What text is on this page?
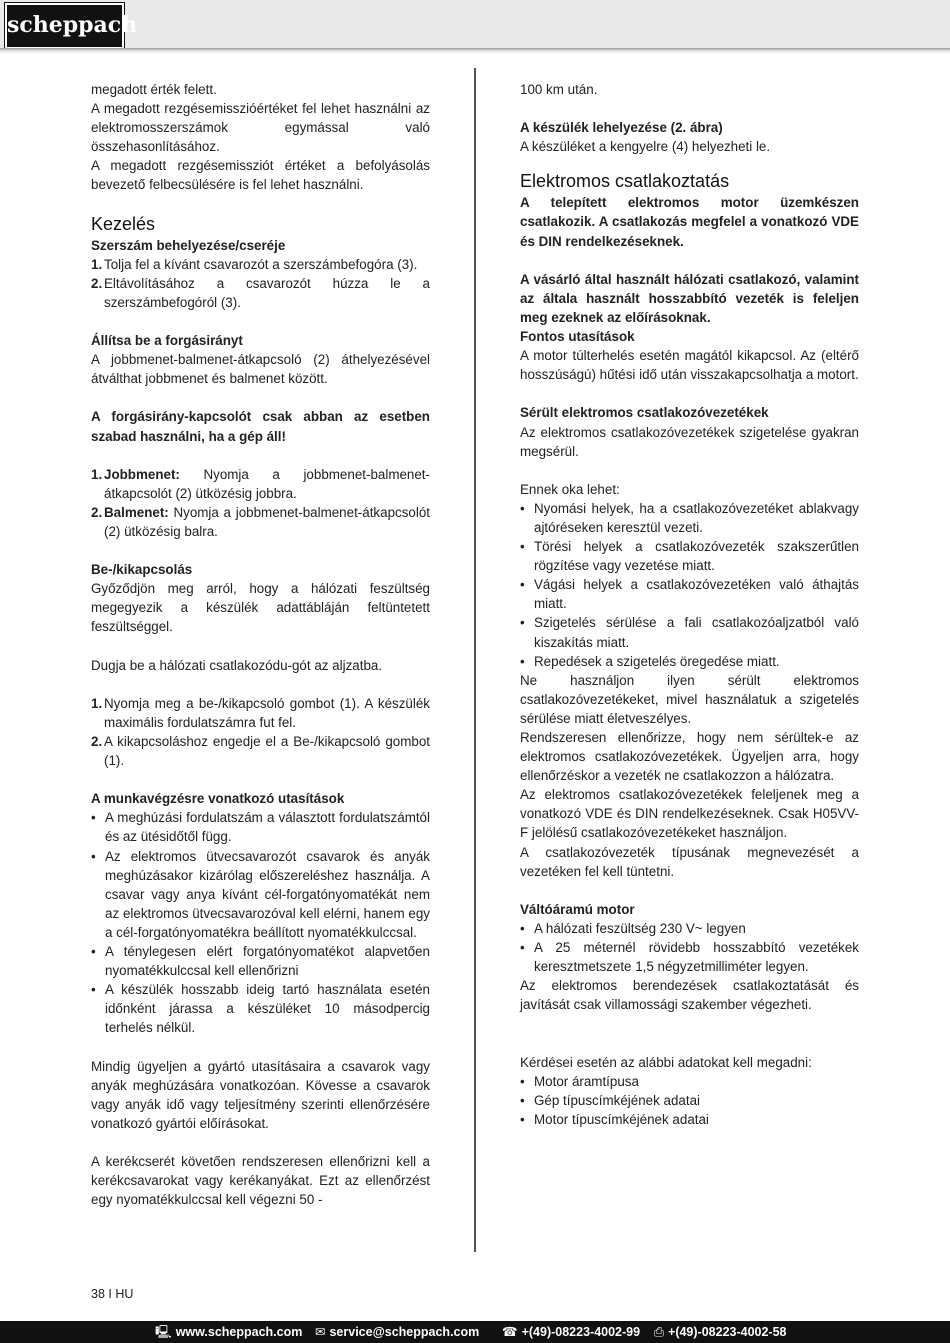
scheppach

megadott érték felett.

A megadott rezgésemisszióértéket fel lehet használni az elektromosszerszámok egymással való összehasonlításához.

A megadott rezgésemissziót értéket a befolyásolás bevezető felbecsülésére is fel lehet használni.

Kezelés

Szerszám behelyezése/cseréje

1. Tolja fel a kívánt csavarozót a szerszámbefogóra (3).
2. Eltávolításához a csavarozót húzza le a szerszámbefogóról (3).

Állítsa be a forgásirányt

A jobbmenet-balmenet-átkapcsoló (2) áthelyezésével átválthat jobbmenet és balmenet között.

A forgásirány-kapcsolót csak abban az esetben szabad használni, ha a gép áll!

1. Jobbmenet: Nyomja a jobbmenet-balmenet-átkapcsolót (2) ütközésig jobbra.
2. Balmenet: Nyomja a jobbmenet-balmenet-átkapcsolót (2) ütközésig balra.

Be-/kikapcsolás

Győződjön meg arról, hogy a hálózati feszültség megegyezik a készülék adattábláján feltüntetett feszültséggel.

Dugja be a hálózati csatlakozódu-gót az aljzatba.

1. Nyomja meg a be-/kikapcsoló gombot (1). A készülék maximális fordulatszámra fut fel.
2. A kikapcsoláshoz engedje el a Be-/kikapcsoló gombot (1).

A munkavégzésre vonatkozó utasítások

• A meghúzási fordulatszám a választott fordulatszámtól és az ütésidőtől függ.
• Az elektromos ütvecsavarozót csavarok és anyák meghúzásakor kizárólag előszereléshez használja. A csavar vagy anya kívánt cél-forgatónyomatékát nem az elektromos ütvecsavarozóval kell elérni, hanem egy a cél-forgatónyomatékra beállított nyomatékkulccsal.
• A ténylegesen elért forgatónyomatékot alapvetően nyomatékkulccsal kell ellenőrizni
• A készülék hosszabb ideig tartó használata esetén időnként járassa a készüléket 10 másodpercig terhelés nélkül.

Mindig ügyeljen a gyártó utasításaira a csavarok vagy anyák meghúzására vonatkozóan. Kövesse a csavarok vagy anyák idő vagy teljesítmény szerinti ellenőrzésére vonatkozó gyártói előírásokat.

A kerékcserét követően rendszeresen ellenőrizni kell a kerékcsavarokat vagy kerékanyákat. Ezt az ellenőrzést egy nyomatékkulccsal kell végezni 50 -

100 km után.

A készülék lehelyezése (2. ábra)

A készüléket a kengyelre (4) helyezheti le.

Elektromos csatlakoztatás

A telepített elektromos motor üzemkészen csatlakozik. A csatlakozás megfelel a vonatkozó VDE és DIN rendelkezéseknek.

A vásárló által használt hálózati csatlakozó, valamint az általa használt hosszabbító vezeték is feleljen meg ezeknek az előírásoknak.

Fontos utasítások

A motor túlterhelés esetén magától kikapcsol. Az (eltérő hosszúságú) hűtési idő után visszakapcsolhatja a motort.

Sérült elektromos csatlakozóvezetékek

Az elektromos csatlakozóvezetékek szigetelése gyakran megsérül.

Ennek oka lehet:

• Nyomási helyek, ha a csatlakozóvezetéket ablakvagy ajtóréseken keresztül vezeti.
• Törési helyek a csatlakozóvezeték szakszerűtlen rögzítése vagy vezetése miatt.
• Vágási helyek a csatlakozóvezetéken való áthajtás miatt.
• Szigetelés sérülése a fali csatlakozóaljzatból való kiszakítás miatt.
• Repedések a szigetelés öregedése miatt.

Ne használjon ilyen sérült elektromos csatlakozóvezetékeket, mivel használatuk a szigetelés sérülése miatt életveszélyes.

Rendszeresen ellenőrizze, hogy nem sérültek-e az elektromos csatlakozóvezetékek. Ügyeljen arra, hogy ellenőrzéskor a vezeték ne csatlakozzon a hálózatra.

Az elektromos csatlakozóvezetékek feleljenek meg a vonatkozó VDE és DIN rendelkezéseknek. Csak H05VV-F jelölésű csatlakozóvezetékeket használjon.

A csatlakozóvezeték típusának megnevezését a vezetéken fel kell tüntetni.

Váltóáramú motor

• A hálózati feszültség 230 V~ legyen
• A 25 méternél rövidebb hosszabbító vezetékek keresztmetszete 1,5 négyzetmilliméter legyen.

Az elektromos berendezések csatlakoztatását és javítását csak villamossági szakember végezheti.

Kérdései esetén az alábbi adatokat kell megadni:

• Motor áramtípusa
• Gép típuscímkéjének adatai
• Motor típuscímkéjének adatai
38 I HU
🖳 www.scheppach.com ✉ service@scheppach.com ☎ +(49)-08223-4002-99 ⎙ +(49)-08223-4002-58
